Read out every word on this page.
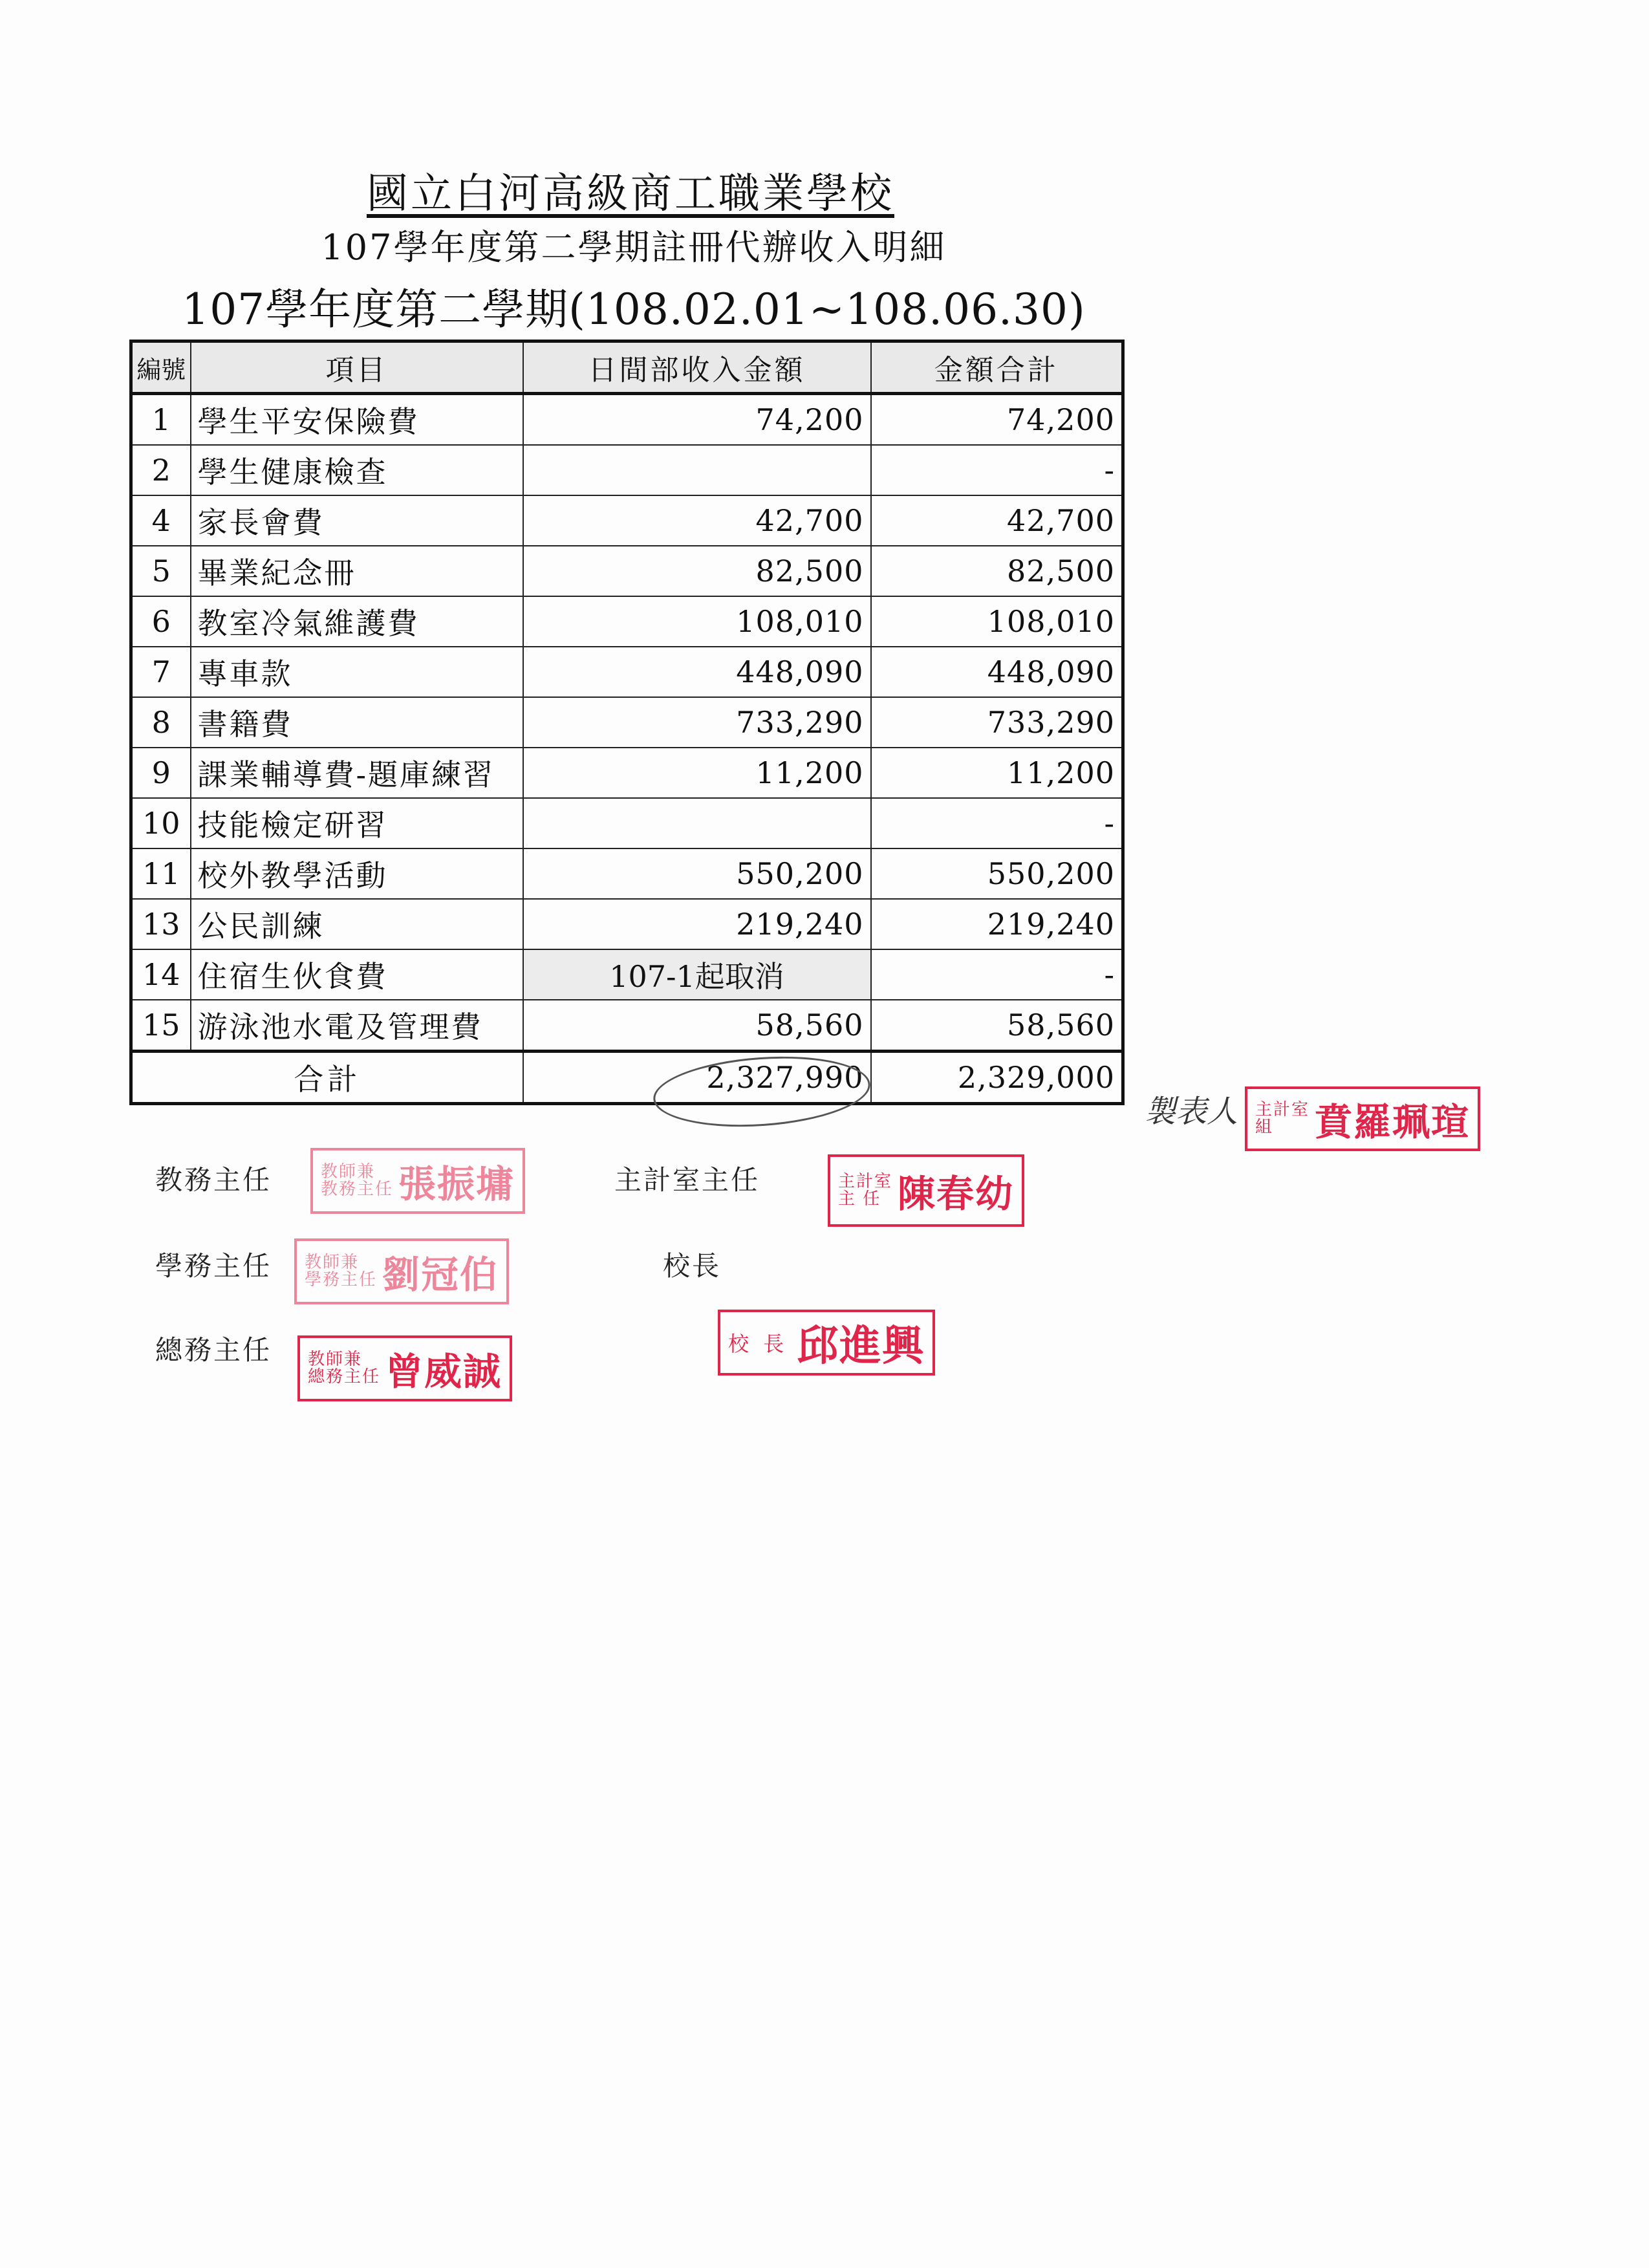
國立白河高級商工職業學校
107學年度第二學期註冊代辦收入明細
107學年度第二學期(108.02.01~108.06.30)
編號	項目	日間部收入金額	金額合計
1	學生平安保險費	74,200	74,200
2	學生健康檢查		-
4	家長會費	42,700	42,700
5	畢業紀念冊	82,500	82,500
6	教室冷氣維護費	108,010	108,010
7	專車款	448,090	448,090
8	書籍費	733,290	733,290
9	課業輔導費-題庫練習	11,200	11,200
10	技能檢定研習		-
11	校外教學活動	550,200	550,200
13	公民訓練	219,240	219,240
14	住宿生伙食費	107-1起取消	-
15	游泳池水電及管理費	58,560	58,560
合計		2,327,990	2,329,000
製表人 主計室
組	賁羅珮瑄
教務主任	教師兼
教務主任 張振墉	主計室主任	主計室
主 任 陳春幼
學務主任 教師兼
學務主任 劉冠伯	校長
校 長 邱進興
總務主任 教師兼
總務主任 曾威誠
